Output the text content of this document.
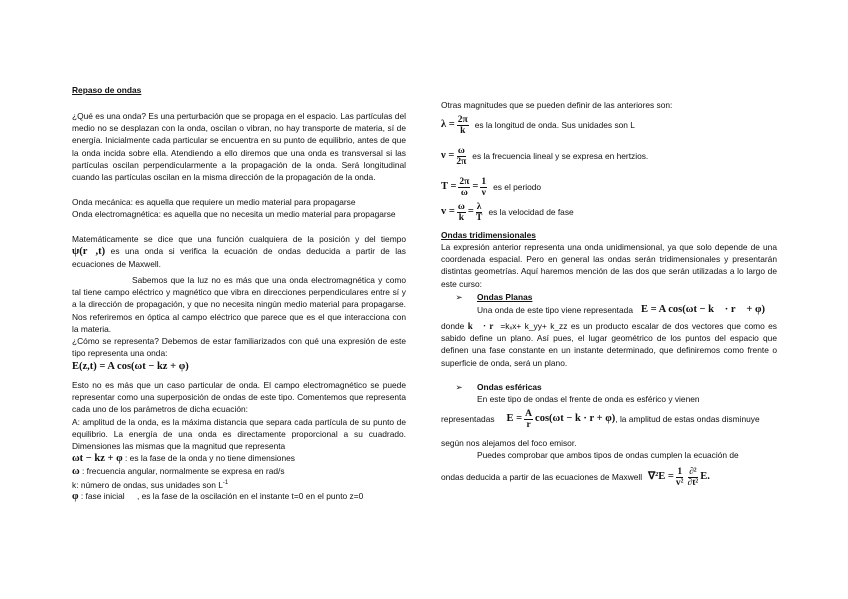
Repaso de ondas

¿Qué es una onda? Es una perturbación que se propaga en el espacio. Las partículas del medio no se desplazan con la onda, oscilan o vibran, no hay transporte de materia, sí de energía. Inicialmente cada particular se encuentra en su punto de equilibrio, antes de que la onda incida sobre ella. Atendiendo a ello diremos que una onda es transversal si las partículas oscilan perpendicularmente a la propagación de la onda. Será longitudinal cuando las partículas oscilan en la misma dirección de la propagación de la onda.

Onda mecánica: es aquella que requiere un medio material para propagarse

Onda electromagnética: es aquella que no necesita un medio material para propagarse

Matemáticamente se dice que una función cualquiera de la posición y del tiempo ψ(r⃗,t) es una onda si verifica la ecuación de ondas deducida a partir de las ecuaciones de Maxwell.

Sabemos que la luz no es más que una onda electromagnética y como tal tiene campo eléctrico y magnético que vibra en direcciones perpendiculares entre sí y a la dirección de propagación, y que no necesita ningún medio material para propagarse. Nos referiremos en óptica al campo eléctrico que parece que es el que interacciona con la materia.

¿Cómo se representa? Debemos de estar familiarizados con qué una expresión de este tipo representa una onda:

E(z,t) = A cos(ωt − kz + φ)

Esto no es más que un caso particular de onda. El campo electromagnético se puede representar como una superposición de ondas de este tipo. Comentemos que representa cada uno de los parámetros de dicha ecuación:

A: amplitud de la onda, es la máxima distancia que separa cada partícula de su punto de equilibrio. La energía de una onda es directamente proporcional a su cuadrado. Dimensiones las mismas que la magnitud que representa

ωt − kz + φ : es la fase de la onda y no tiene dimensiones

ω : frecuencia angular, normalmente se expresa en rad/s

k: número de ondas, sus unidades son $L^{-1}$

φ : fase inicial , es la fase de la oscilación en el instante t=0 en el punto z=0

Otras magnitudes que se pueden definir de las anteriores son:

$\lambda = \frac{2\pi}{k}$ es la longitud de onda. Sus unidades son L
$\nu = \frac{\omega}{2\pi}$ es la frecuencia lineal y se expresa en hertzios.
$T = \frac{2\pi}{\omega} = \frac{1}{\nu}$ es el periodo
$v = \frac{\omega}{k} = \frac{\lambda}{T}$ es la velocidad de fase

Ondas tridimensionales

La expresión anterior representa una onda unidimensional, ya que solo depende de una coordenada espacial. Pero en general las ondas serán tridimensionales y presentarán distintas geometrías. Aquí haremos mención de las dos que serán utilizadas a lo largo de este curso:

➢ Ondas Planas

Una onda de este tipo viene representada E = A cos(ωt − k⃗ · r⃗ + φ)

donde k⃗ · r⃗=kₓx+ k_yy+ k_zz es un producto escalar de dos vectores que como es sabido define un plano. Así pues, el lugar geométrico de los puntos del espacio que definen una fase constante en un instante determinado, que definiremos como frente o superficie de onda, será un plano.

➢ Ondas esféricas

En este tipo de ondas el frente de onda es esférico y vienen

representadas $E = \frac{A}{r} \cos(\omega t - k \cdot r + \varphi)$ , la amplitud de estas ondas disminuye

según nos alejamos del foco emisor.

Puedes comprobar que ambos tipos de ondas cumplen la ecuación de

ondas deducida a partir de las ecuaciones de Maxwell $\nabla^2E = \frac{1}{\text{v²}} \frac{\text{∂²}}{\text{∂t²}} E$.
